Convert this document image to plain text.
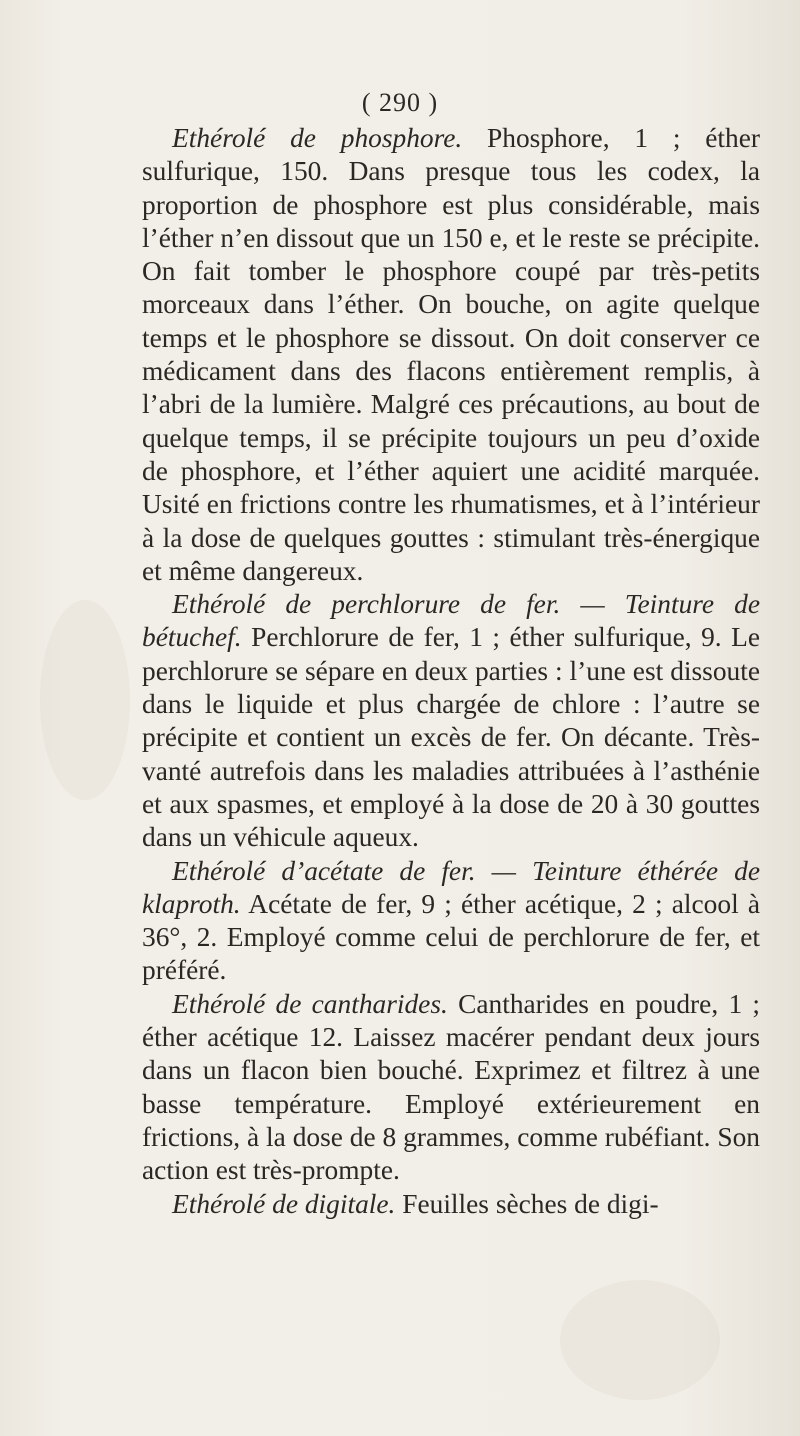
( 290 )

Ethérolé de phosphore. Phosphore, 1 ; éther sulfurique, 150. Dans presque tous les codex, la proportion de phosphore est plus considérable, mais l’éther n’en dissout que un 150 e, et le reste se précipite. On fait tomber le phosphore coupé par très-petits morceaux dans l’éther. On bouche, on agite quelque temps et le phosphore se dissout. On doit conserver ce médicament dans des flacons entièrement remplis, à l’abri de la lumière. Malgré ces précautions, au bout de quelque temps, il se précipite toujours un peu d’oxide de phosphore, et l’éther aquiert une acidité marquée. Usité en frictions contre les rhumatismes, et à l’intérieur à la dose de quelques gouttes : stimulant très-énergique et même dangereux.

Ethérolé de perchlorure de fer. — Teinture de bétuchef. Perchlorure de fer, 1 ; éther sulfurique, 9. Le perchlorure se sépare en deux parties : l’une est dissoute dans le liquide et plus chargée de chlore : l’autre se précipite et contient un excès de fer. On décante. Très-vanté autrefois dans les maladies attribuées à l’asthénie et aux spasmes, et employé à la dose de 20 à 30 gouttes dans un véhicule aqueux.

Ethérolé d’acétate de fer. — Teinture éthérée de klaproth. Acétate de fer, 9 ; éther acétique, 2 ; alcool à 36°, 2. Employé comme celui de perchlorure de fer, et préféré.

Ethérolé de cantharides. Cantharides en poudre, 1 ; éther acétique 12. Laissez macérer pendant deux jours dans un flacon bien bouché. Exprimez et filtrez à une basse température. Employé extérieurement en frictions, à la dose de 8 grammes, comme rubéfiant. Son action est très-prompte.

Ethérolé de digitale. Feuilles sèches de digi-
